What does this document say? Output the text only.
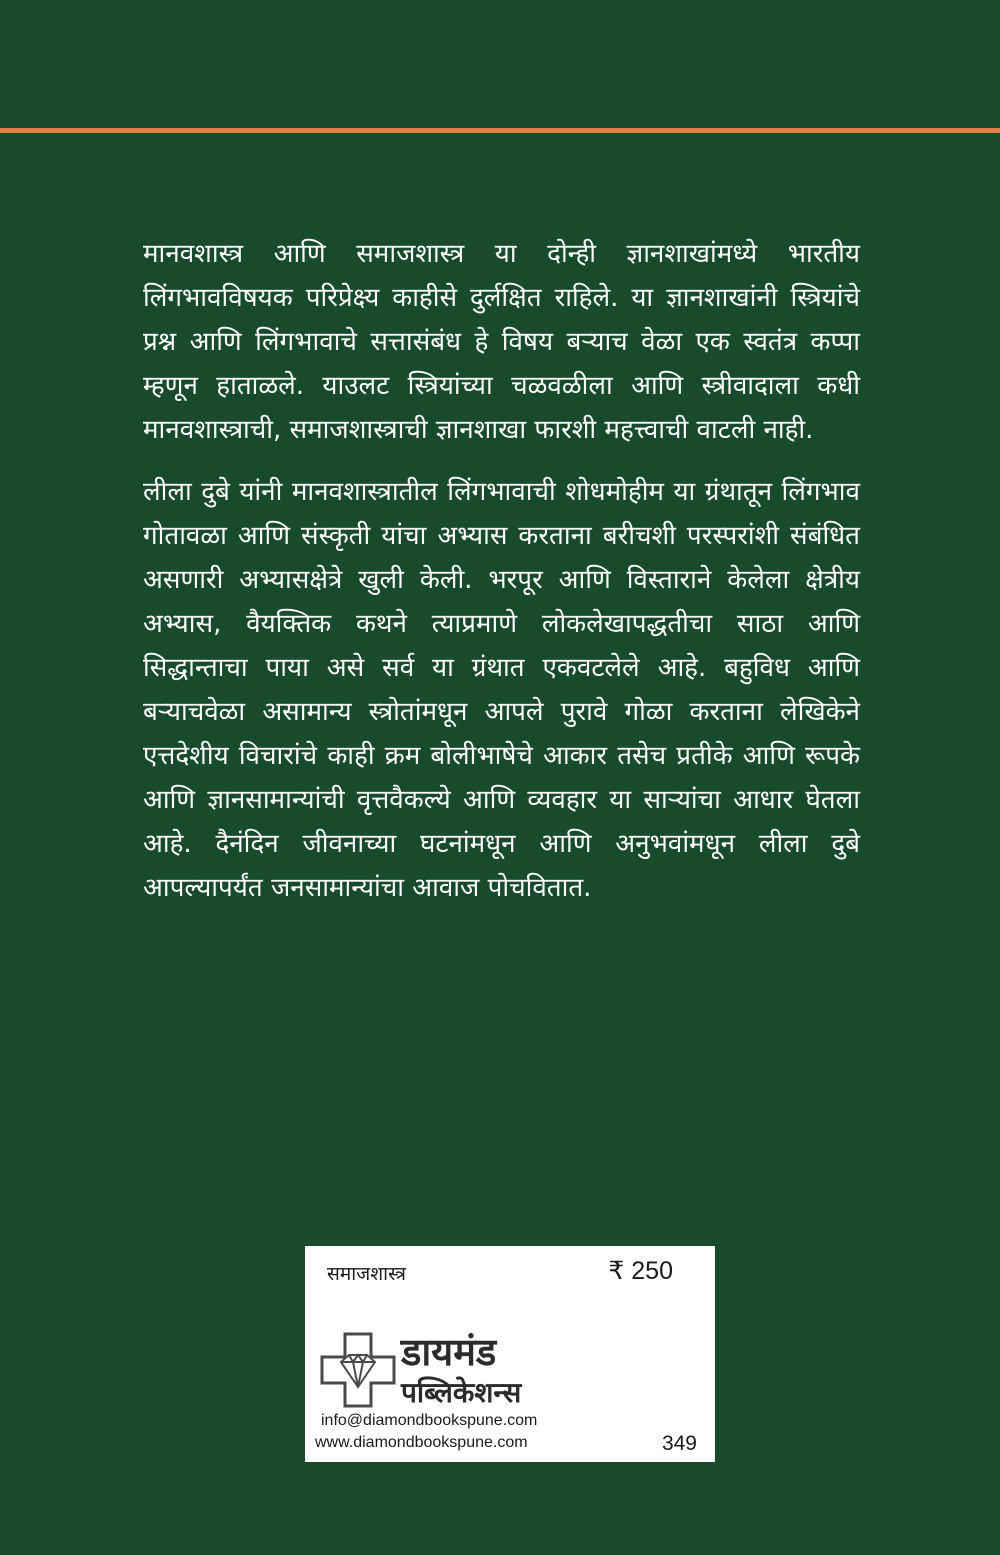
मानवशास्त्र आणि समाजशास्त्र या दोन्ही ज्ञानशाखांमध्ये भारतीय लिंगभावविषयक परिप्रेक्ष्य काहीसे दुर्लक्षित राहिले. या ज्ञानशाखांनी स्त्रियांचे प्रश्न आणि लिंगभावाचे सत्तासंबंध हे विषय बऱ्याच वेळा एक स्वतंत्र कप्पा म्हणून हाताळले. याउलट स्त्रियांच्या चळवळीला आणि स्त्रीवादाला कधी मानवशास्त्राची, समाजशास्त्राची ज्ञानशाखा फारशी महत्त्वाची वाटली नाही.

लीला दुबे यांनी मानवशास्त्रातील लिंगभावाची शोधमोहीम या ग्रंथातून लिंगभाव गोतावळा आणि संस्कृती यांचा अभ्यास करताना बरीचशी परस्परांशी संबंधित असणारी अभ्यासक्षेत्रे खुली केली. भरपूर आणि विस्ताराने केलेला क्षेत्रीय अभ्यास, वैयक्तिक कथने त्याप्रमाणे लोकलेखापद्धतीचा साठा आणि सिद्धान्ताचा पाया असे सर्व या ग्रंथात एकवटलेले आहे. बहुविध आणि बऱ्याचवेळा असामान्य स्त्रोतांमधून आपले पुरावे गोळा करताना लेखिकेने एत्तदेशीय विचारांचे काही क्रम बोलीभाषेचे आकार तसेच प्रतीके आणि रूपके आणि ज्ञानसामान्यांची वृत्तवैकल्ये आणि व्यवहार या साऱ्यांचा आधार घेतला आहे. दैनंदिन जीवनाच्या घटनांमधून आणि अनुभवांमधून लीला दुबे आपल्यापर्यंत जनसामान्यांचा आवाज पोचवितात.

समाजशास्त्र	₹ 250
डायमंड
पब्लिकेशन्स
info@diamondbookspune.com
www.diamondbookspune.com	349
